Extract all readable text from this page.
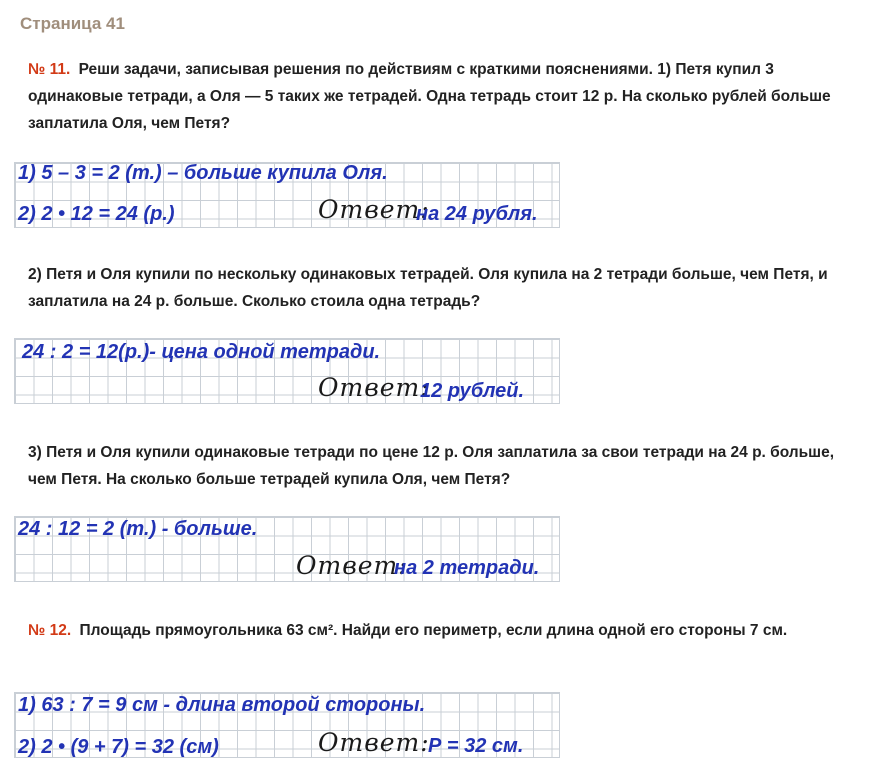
Страница 41
№ 11. Реши задачи, записывая решения по действиям с краткими пояснениями. 1) Петя купил 3 одинаковые тетради, а Оля — 5 таких же тетрадей. Одна тетрадь стоит 12 р. На сколько рублей больше заплатила Оля, чем Петя?
1) 5 – 3 = 2 (т.) – больше купила Оля.
2) 2 • 12 = 24 (р.)	Ответ:
на 24 рубля.
2) Петя и Оля купили по нескольку одинаковых тетрадей. Оля купила на 2 тетради больше, чем Петя, и заплатила на 24 р. больше. Сколько стоила одна тетрадь?
24 : 2 = 12(р.)- цена одной тетради.
Ответ:
12 рублей.
3) Петя и Оля купили одинаковые тетради по цене 12 р. Оля заплатила за свои тетради на 24 р. больше, чем Петя. На сколько больше тетрадей купила Оля, чем Петя?
24 : 12 = 2 (т.) - больше.
Ответ:
на 2 тетради.
№ 12. Площадь прямоугольника 63 см². Найди его периметр, если длина одной его стороны 7 см.
1) 63 : 7 = 9 см - длина второй стороны.
2) 2 • (9 + 7) = 32 (см)	Ответ:
Р = 32 см.
